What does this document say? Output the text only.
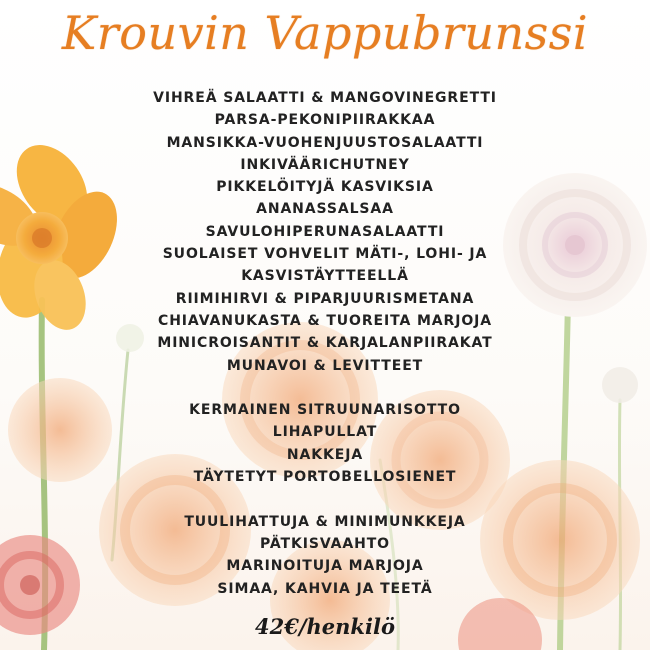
Krouvin Vappubrunssi
VIHREÄ SALAATTI & MANGOVINEGRETTI
PARSA-PEKONIPIIRAKKAA
MANSIKKA-VUOHENJUUSTOSALAATTI
INKIVÄÄRICHUTNEY
PIKKELÖITYJÄ KASVIKSIA
ANANASSALSAA
SAVULOHIPERUNASALAATTI
SUOLAISET VOHVELIT MÄTI-, LOHI- JA
KASVISTÄYTTEELLÄ
RIIMIHIRVI & PIPARJUURISMETANA
CHIAVANUKASTA & TUOREITA MARJOJA
MINICROISANTIT & KARJALANPIIRAKAT
MUNAVOI & LEVITTEET
KERMAINEN SITRUUNARISOTTO
LIHAPULLAT
NAKKEJA
TÄYTETYT PORTOBELLOSIENET
TUULIHATTUJA & MINIMUNKKEJA
PÄTKISVAAHTO
MARINOITUJA MARJOJA
SIMAA, KAHVIA JA TEETÄ
42€/henkilö
